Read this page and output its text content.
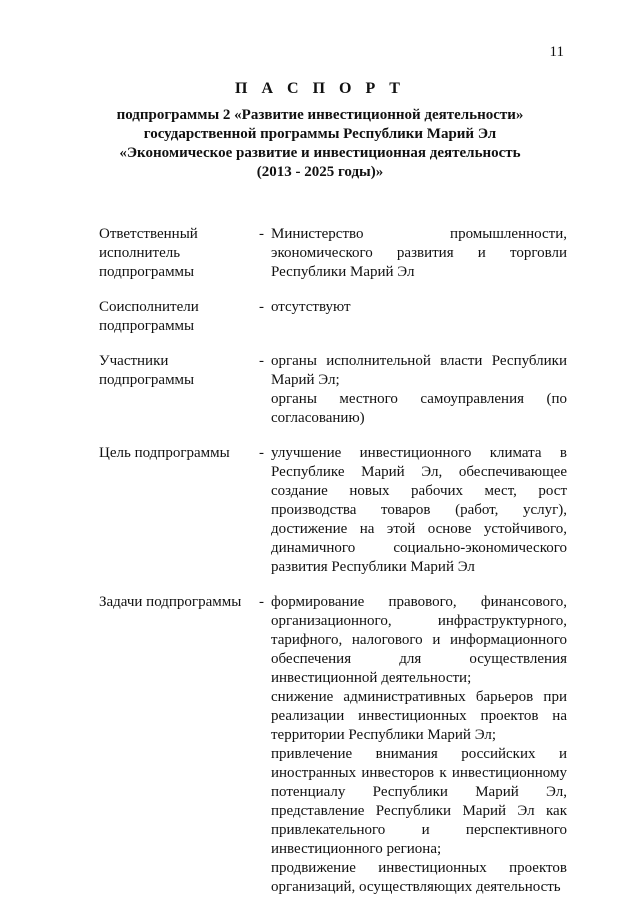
11
П А С П О Р Т
подпрограммы 2 «Развитие инвестиционной деятельности»
государственной программы Республики Марий Эл
«Экономическое развитие и инвестиционная деятельность
(2013 - 2025 годы)»
Ответственный исполнитель подпрограммы
- Министерство промышленности, экономического развития и торговли Республики Марий Эл

Соисполнители подпрограммы
- отсутствуют

Участники подпрограммы
- органы исполнительной власти Республики Марий Эл;

органы местного самоуправления (по согласованию)

Цель подпрограммы	- улучшение инвестиционного климата в Республике Марий Эл, обеспечивающее создание новых рабочих мест, рост производства товаров (работ, услуг), достижение на этой основе устойчивого, динамичного социально-экономического развития Республики Марий Эл

Задачи подпрограммы	- формирование правового, финансового, организационного, инфраструктурного, тарифного, налогового и информационного обеспечения для осуществления инвестиционной деятельности;

снижение административных барьеров при реализации инвестиционных проектов на территории Республики Марий Эл;

привлечение внимания российских и иностранных инвесторов к инвестиционному потенциалу Республики Марий Эл, представление Республики Марий Эл как привлекательного и перспективного инвестиционного региона;

продвижение инвестиционных проектов организаций, осуществляющих деятельность
